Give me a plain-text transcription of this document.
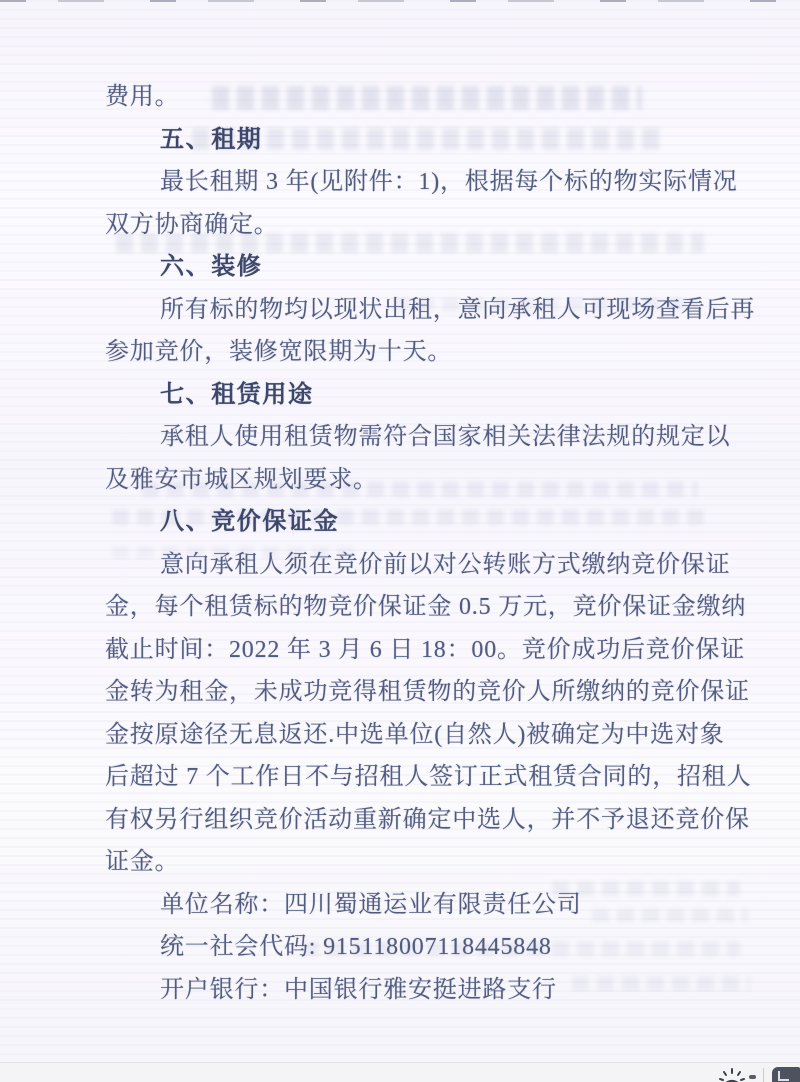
费用。
五、租期
最长租期 3 年(见附件：1)，根据每个标的物实际情况
双方协商确定。
六、装修
所有标的物均以现状出租，意向承租人可现场查看后再
参加竞价，装修宽限期为十天。
七、租赁用途
承租人使用租赁物需符合国家相关法律法规的规定以
及雅安市城区规划要求。
八、竞价保证金
意向承租人须在竞价前以对公转账方式缴纳竞价保证
金，每个租赁标的物竞价保证金 0.5 万元，竞价保证金缴纳
截止时间：2022 年 3 月 6 日 18：00。竞价成功后竞价保证
金转为租金，未成功竞得租赁物的竞价人所缴纳的竞价保证
金按原途径无息返还.中选单位(自然人)被确定为中选对象
后超过 7 个工作日不与招租人签订正式租赁合同的，招租人
有权另行组织竞价活动重新确定中选人，并不予退还竞价保
证金。
单位名称：四川蜀通运业有限责任公司
统一社会代码: 915118007118445848
开户银行：中国银行雅安挺进路支行
